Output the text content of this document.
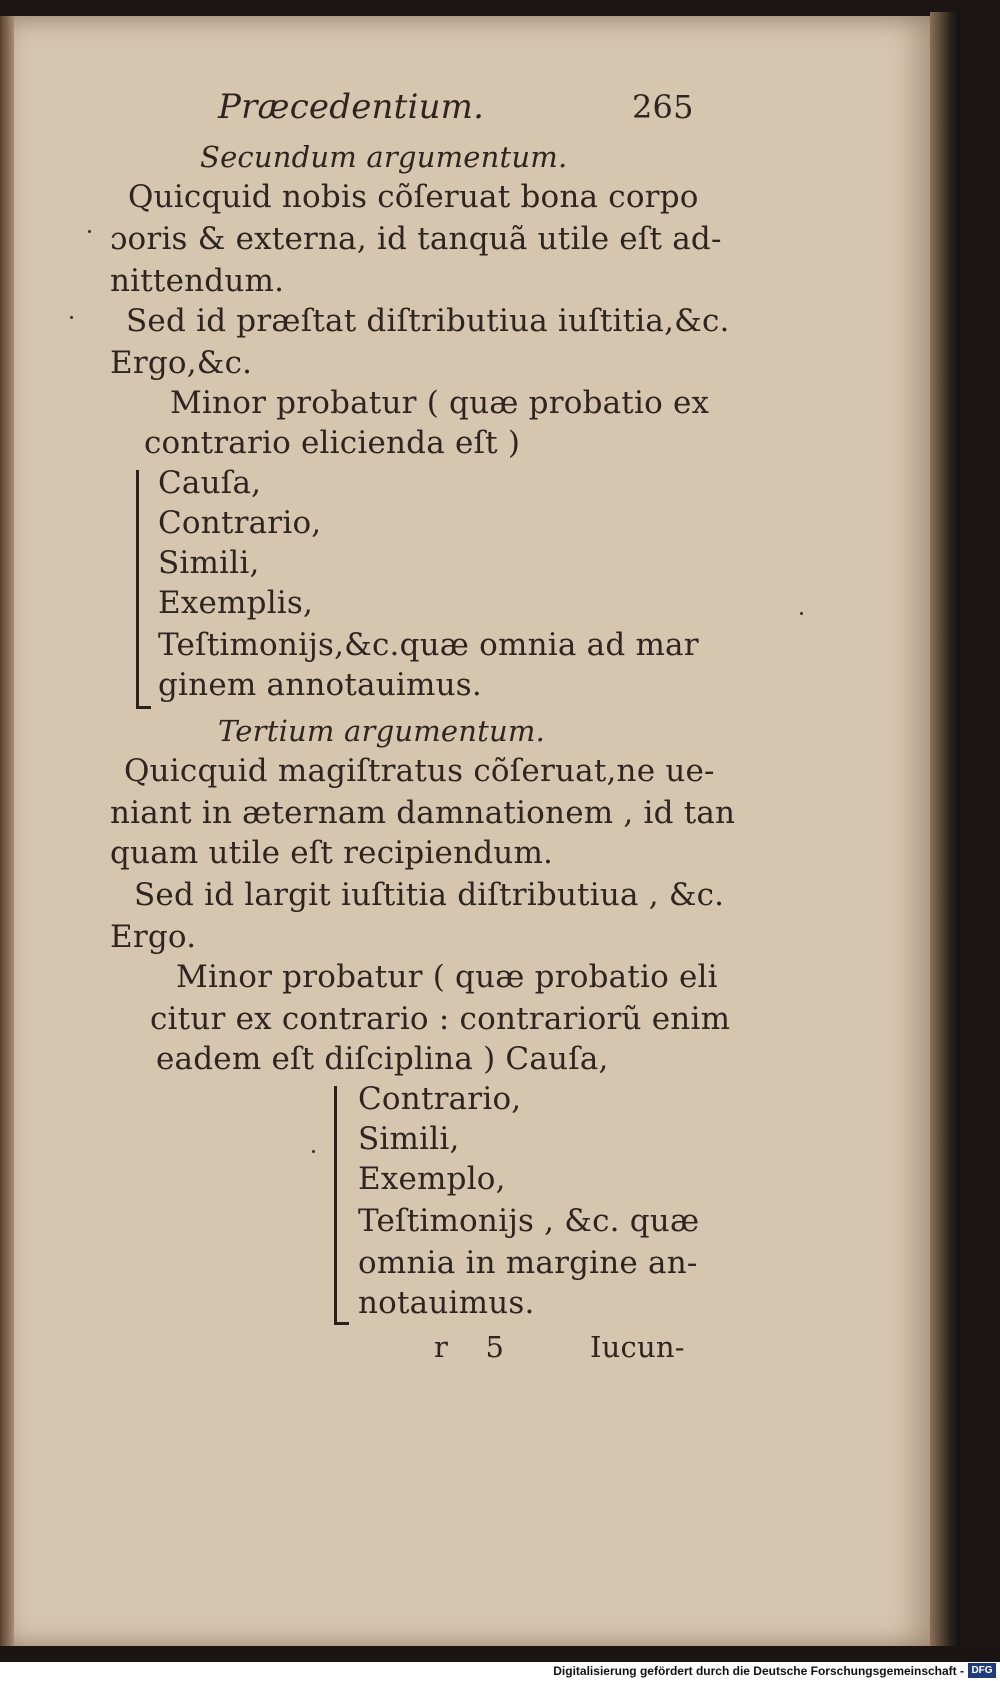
Præcedentium.	265
Secundum argumentum.
Quicquid nobis cõſeruat bona corpo
ɔoris & externa, id tanquã utile eſt ad-
nittendum.
Sed id præſtat diſtributiua iuſtitia,&c.
Ergo,&c.
Minor probatur ( quæ probatio ex
contrario elicienda eſt )
Cauſa,
Contrario,
Simili,
Exemplis,
Teſtimonijs,&c.quæ omnia ad mar
ginem annotauimus.
Tertium argumentum.
Quicquid magiſtratus cõſeruat,ne ue-
niant in æternam damnationem , id tan
quam utile eſt recipiendum.
Sed id largit iuſtitia diſtributiua , &c.
Ergo.
Minor probatur ( quæ probatio eli
citur ex contrario : contrariorũ enim
eadem eſt diſciplina ) Cauſa,
Contrario,
Simili,
Exemplo,
Teſtimonijs , &c. quæ
omnia in margine an-
notauimus.
r 5	Iucun-
Digitalisierung gefördert durch die Deutsche Forschungsgemeinschaft - DFG
